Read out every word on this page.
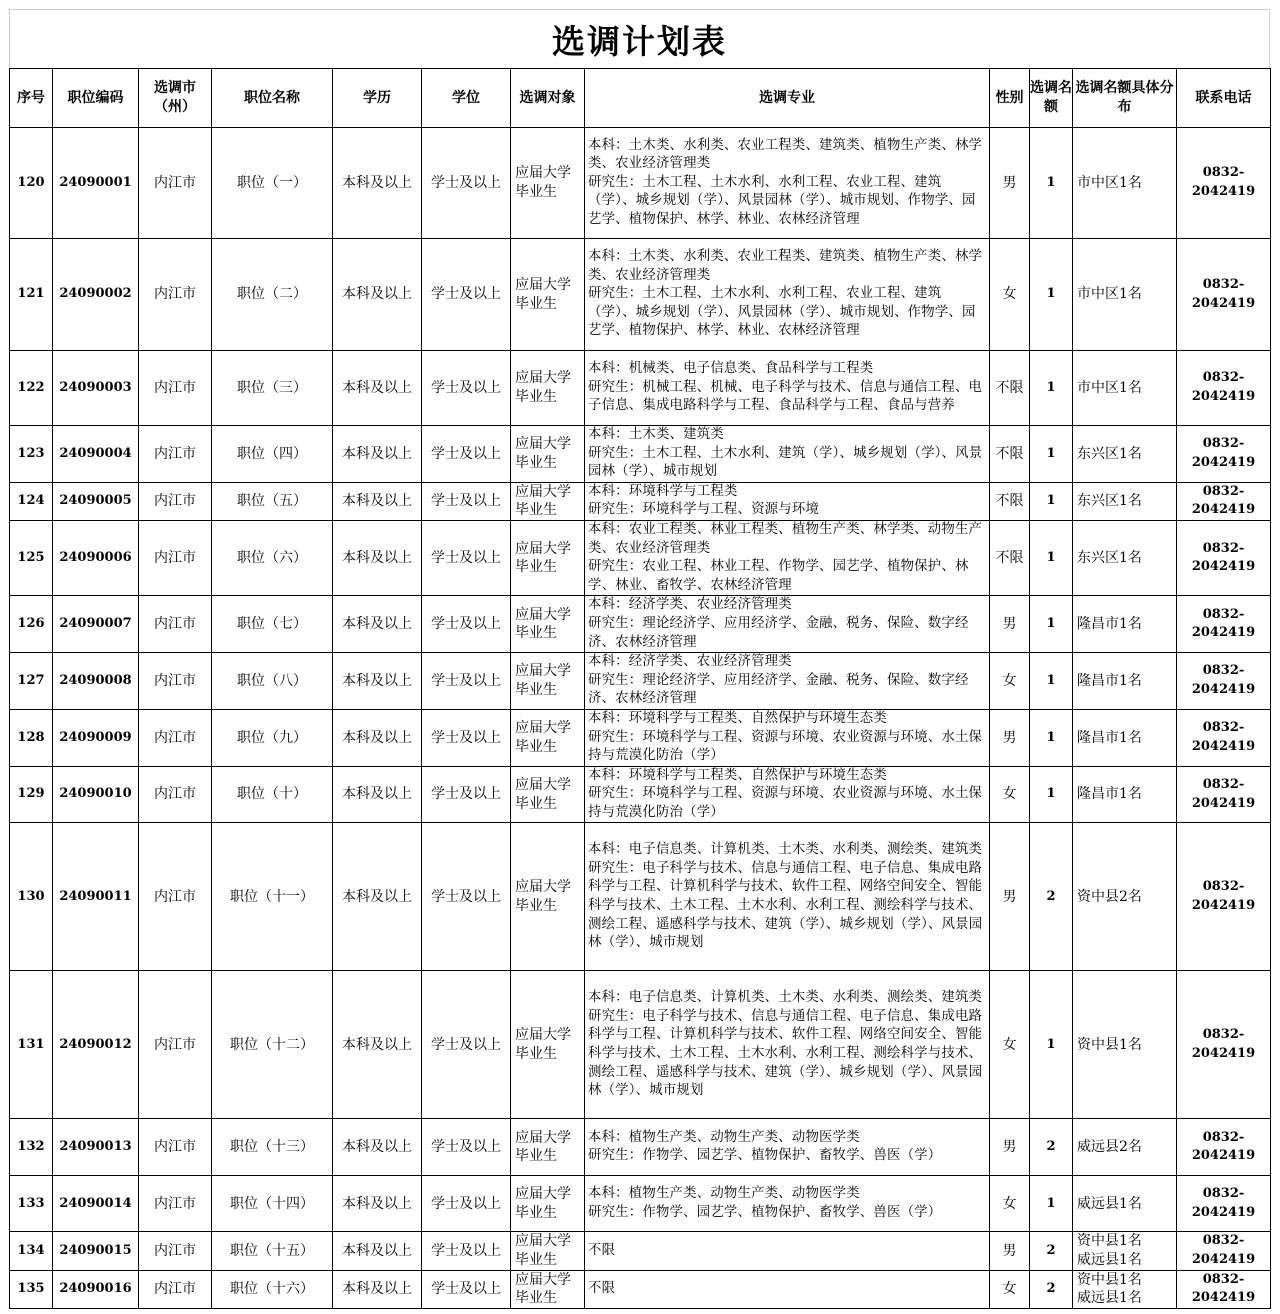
选调计划表
序号	职位编码	选调市（州）	职位名称	学历	学位	选调对象	选调专业	性别	选调名额	选调名额具体分布	联系电话
120	24090001	内江市	职位（一）	本科及以上	学士及以上	应届大学毕业生	本科：土木类、水利类、农业工程类、建筑类、植物生产类、林学类、农业经济管理类
研究生：土木工程、土木水利、水利工程、农业工程、建筑（学）、城乡规划（学）、风景园林（学）、城市规划、作物学、园艺学、植物保护、林学、林业、农林经济管理	男	1	市中区1名	0832-2042419
121	24090002	内江市	职位（二）	本科及以上	学士及以上	应届大学毕业生	本科：土木类、水利类、农业工程类、建筑类、植物生产类、林学类、农业经济管理类
研究生：土木工程、土木水利、水利工程、农业工程、建筑（学）、城乡规划（学）、风景园林（学）、城市规划、作物学、园艺学、植物保护、林学、林业、农林经济管理	女	1	市中区1名	0832-2042419
122	24090003	内江市	职位（三）	本科及以上	学士及以上	应届大学毕业生	本科：机械类、电子信息类、食品科学与工程类
研究生：机械工程、机械、电子科学与技术、信息与通信工程、电子信息、集成电路科学与工程、食品科学与工程、食品与营养	不限	1	市中区1名	0832-2042419
123	24090004	内江市	职位（四）	本科及以上	学士及以上	应届大学毕业生	本科：土木类、建筑类
研究生：土木工程、土木水利、建筑（学）、城乡规划（学）、风景园林（学）、城市规划	不限	1	东兴区1名	0832-2042419
124	24090005	内江市	职位（五）	本科及以上	学士及以上	应届大学毕业生	本科：环境科学与工程类
研究生：环境科学与工程、资源与环境	不限	1	东兴区1名	0832-2042419
125	24090006	内江市	职位（六）	本科及以上	学士及以上	应届大学毕业生	本科：农业工程类、林业工程类、植物生产类、林学类、动物生产类、农业经济管理类
研究生：农业工程、林业工程、作物学、园艺学、植物保护、林学、林业、畜牧学、农林经济管理	不限	1	东兴区1名	0832-2042419
126	24090007	内江市	职位（七）	本科及以上	学士及以上	应届大学毕业生	本科：经济学类、农业经济管理类
研究生：理论经济学、应用经济学、金融、税务、保险、数字经济、农林经济管理	男	1	隆昌市1名	0832-2042419
127	24090008	内江市	职位（八）	本科及以上	学士及以上	应届大学毕业生	本科：经济学类、农业经济管理类
研究生：理论经济学、应用经济学、金融、税务、保险、数字经济、农林经济管理	女	1	隆昌市1名	0832-2042419
128	24090009	内江市	职位（九）	本科及以上	学士及以上	应届大学毕业生	本科：环境科学与工程类、自然保护与环境生态类
研究生：环境科学与工程、资源与环境、农业资源与环境、水土保持与荒漠化防治（学）	男	1	隆昌市1名	0832-2042419
129	24090010	内江市	职位（十）	本科及以上	学士及以上	应届大学毕业生	本科：环境科学与工程类、自然保护与环境生态类
研究生：环境科学与工程、资源与环境、农业资源与环境、水土保持与荒漠化防治（学）	女	1	隆昌市1名	0832-2042419
130	24090011	内江市	职位（十一）	本科及以上	学士及以上	应届大学毕业生	本科：电子信息类、计算机类、土木类、水利类、测绘类、建筑类
研究生：电子科学与技术、信息与通信工程、电子信息、集成电路科学与工程、计算机科学与技术、软件工程、网络空间安全、智能科学与技术、土木工程、土木水利、水利工程、测绘科学与技术、测绘工程、遥感科学与技术、建筑（学）、城乡规划（学）、风景园林（学）、城市规划	男	2	资中县2名	0832-2042419
131	24090012	内江市	职位（十二）	本科及以上	学士及以上	应届大学毕业生	本科：电子信息类、计算机类、土木类、水利类、测绘类、建筑类
研究生：电子科学与技术、信息与通信工程、电子信息、集成电路科学与工程、计算机科学与技术、软件工程、网络空间安全、智能科学与技术、土木工程、土木水利、水利工程、测绘科学与技术、测绘工程、遥感科学与技术、建筑（学）、城乡规划（学）、风景园林（学）、城市规划	女	1	资中县1名	0832-2042419
132	24090013	内江市	职位（十三）	本科及以上	学士及以上	应届大学毕业生	本科：植物生产类、动物生产类、动物医学类
研究生：作物学、园艺学、植物保护、畜牧学、兽医（学）	男	2	威远县2名	0832-2042419
133	24090014	内江市	职位（十四）	本科及以上	学士及以上	应届大学毕业生	本科：植物生产类、动物生产类、动物医学类
研究生：作物学、园艺学、植物保护、畜牧学、兽医（学）	女	1	威远县1名	0832-2042419
134	24090015	内江市	职位（十五）	本科及以上	学士及以上	应届大学毕业生	不限	男	2	资中县1名
威远县1名	0832-2042419
135	24090016	内江市	职位（十六）	本科及以上	学士及以上	应届大学毕业生	不限	女	2	资中县1名
威远县1名	0832-2042419
